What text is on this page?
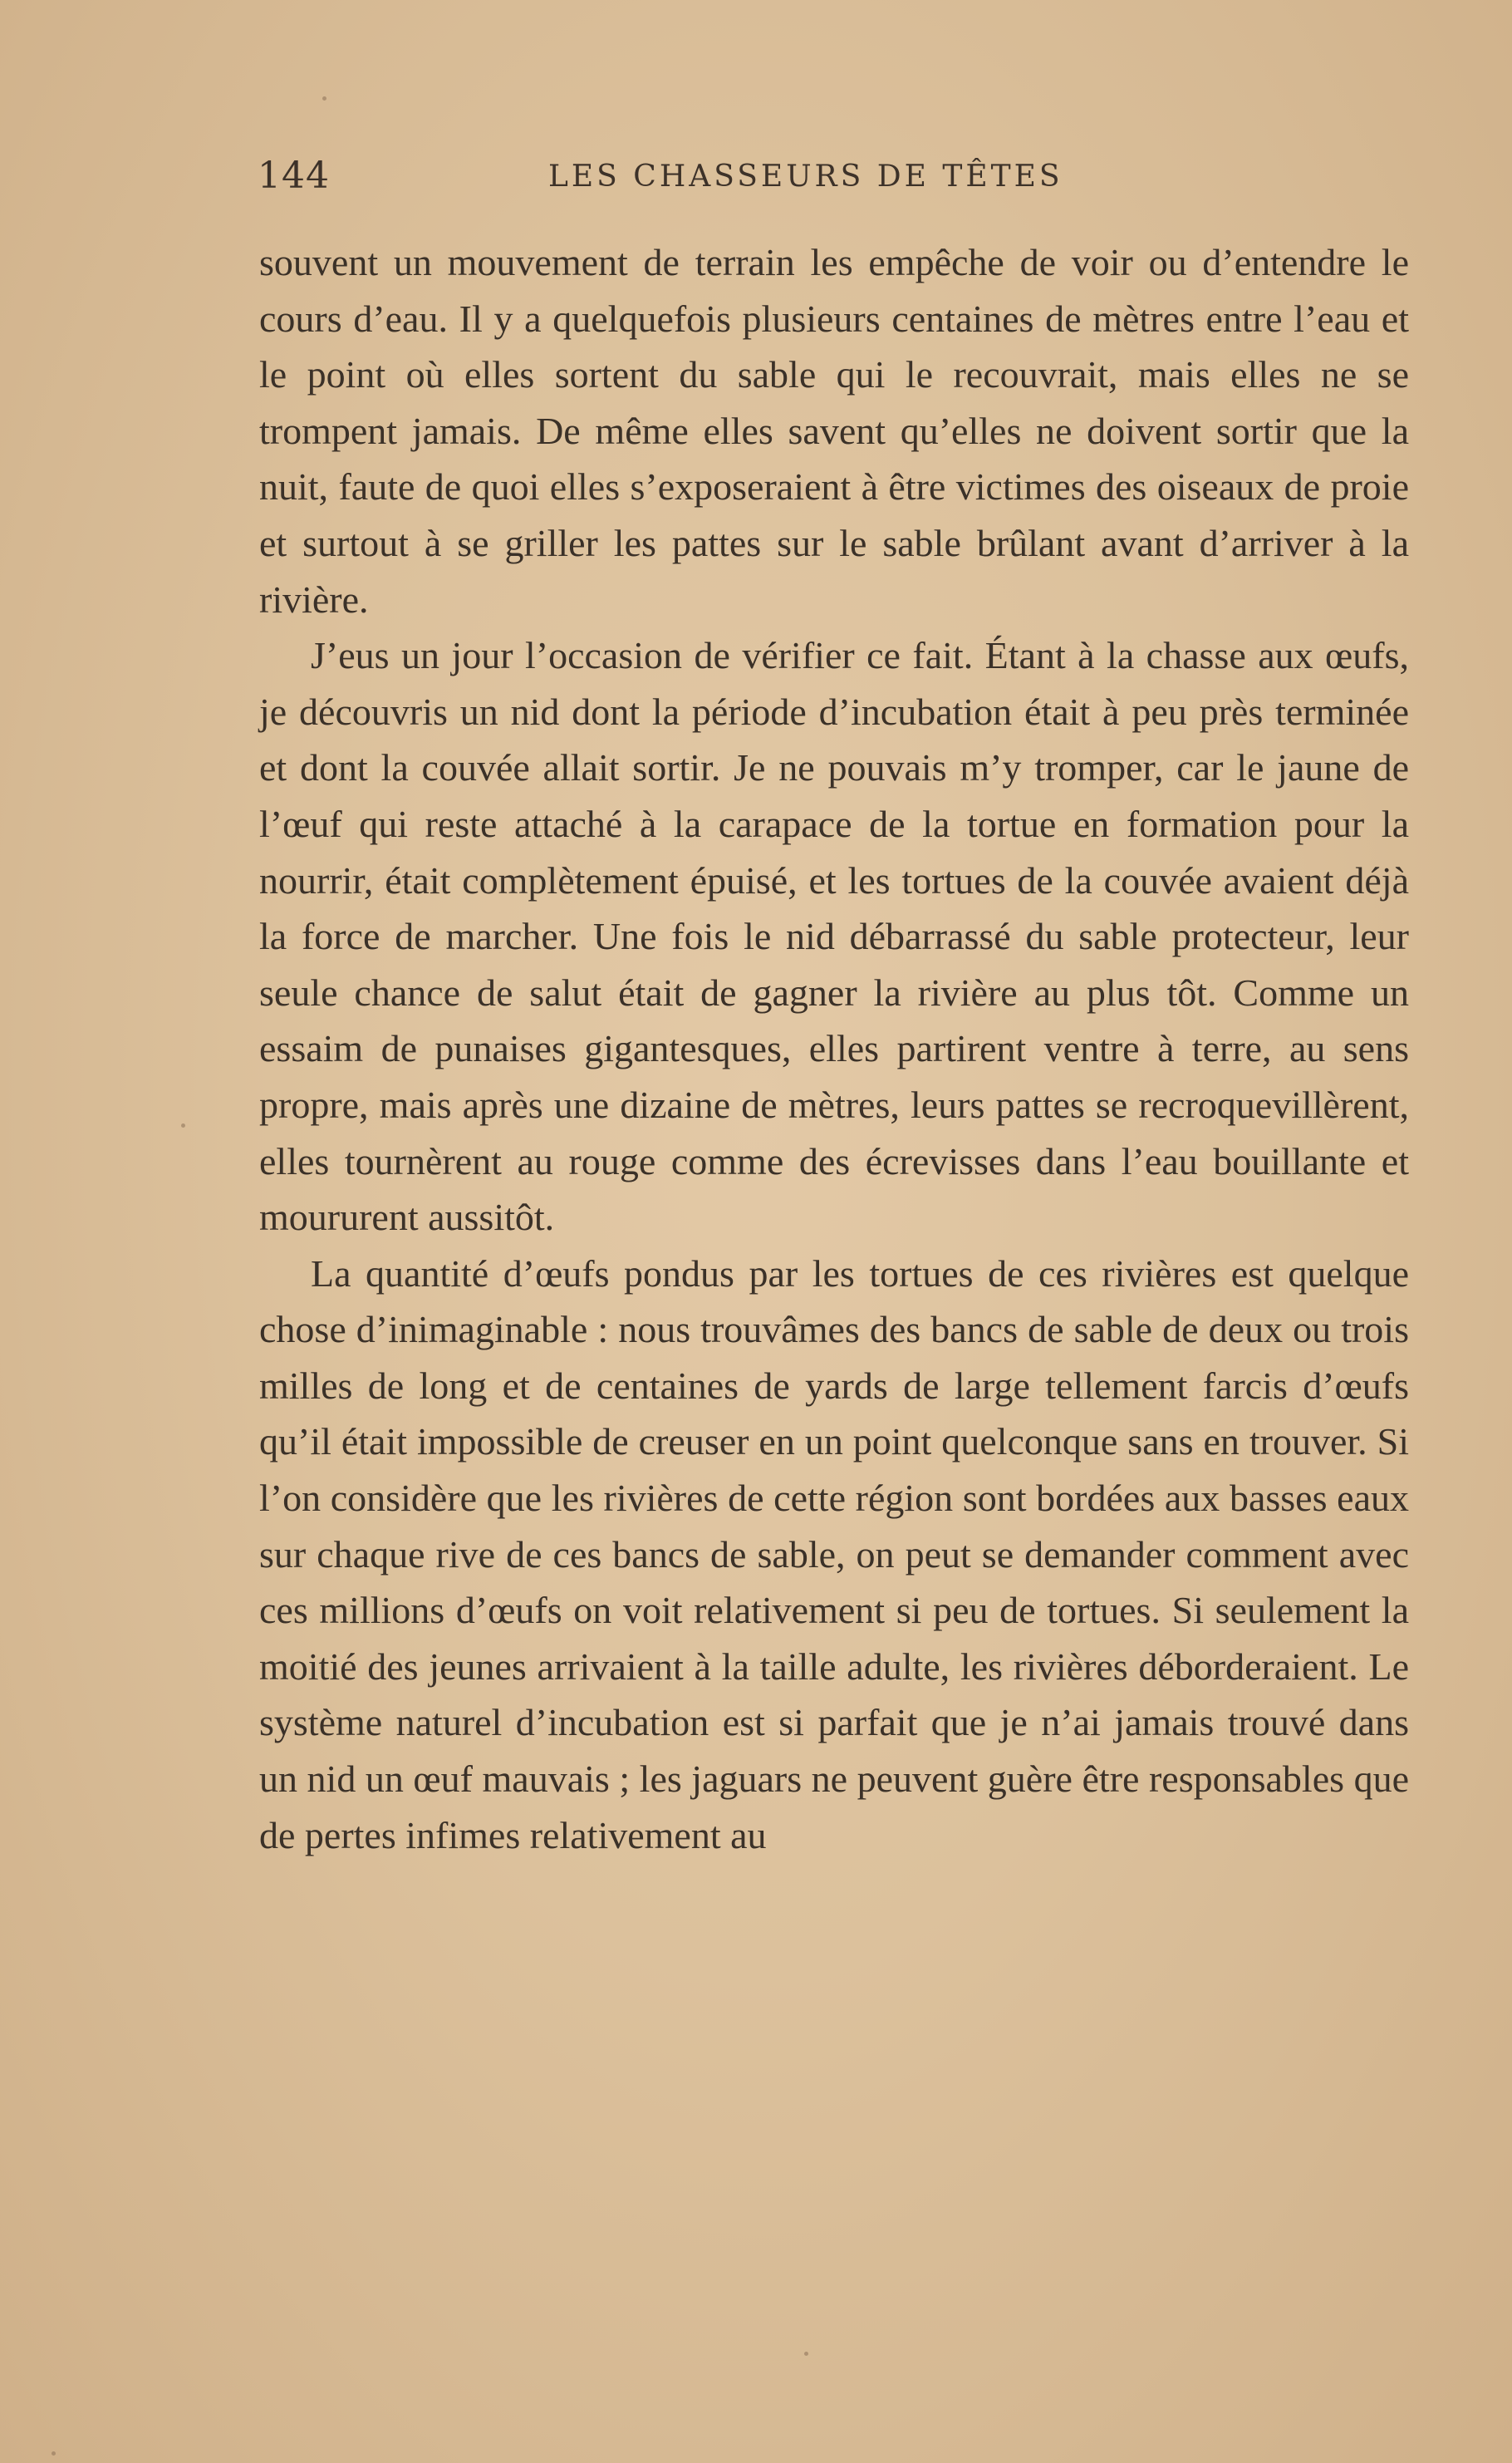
144	LES CHASSEURS DE TÊTES

souvent un mouvement de terrain les empêche de voir ou d’entendre le cours d’eau. Il y a quelquefois plusieurs centaines de mètres entre l’eau et le point où elles sortent du sable qui le recouvrait, mais elles ne se trompent jamais. De même elles savent qu’elles ne doivent sortir que la nuit, faute de quoi elles s’exposeraient à être victimes des oiseaux de proie et surtout à se griller les pattes sur le sable brûlant avant d’arriver à la rivière.

J’eus un jour l’occasion de vérifier ce fait. Étant à la chasse aux œufs, je découvris un nid dont la période d’incubation était à peu près terminée et dont la couvée allait sortir. Je ne pouvais m’y tromper, car le jaune de l’œuf qui reste attaché à la carapace de la tortue en formation pour la nourrir, était complètement épuisé, et les tortues de la couvée avaient déjà la force de marcher. Une fois le nid débarrassé du sable protecteur, leur seule chance de salut était de gagner la rivière au plus tôt. Comme un essaim de punaises gigantesques, elles partirent ventre à terre, au sens propre, mais après une dizaine de mètres, leurs pattes se recroquevillèrent, elles tournèrent au rouge comme des écrevisses dans l’eau bouillante et moururent aussitôt.

La quantité d’œufs pondus par les tortues de ces rivières est quelque chose d’inimaginable : nous trouvâmes des bancs de sable de deux ou trois milles de long et de centaines de yards de large tellement farcis d’œufs qu’il était impossible de creuser en un point quelconque sans en trouver. Si l’on considère que les rivières de cette région sont bordées aux basses eaux sur chaque rive de ces bancs de sable, on peut se demander comment avec ces millions d’œufs on voit relativement si peu de tortues. Si seulement la moitié des jeunes arrivaient à la taille adulte, les rivières déborderaient. Le système naturel d’incubation est si parfait que je n’ai jamais trouvé dans un nid un œuf mauvais ; les jaguars ne peuvent guère être responsables que de pertes infimes relativement au
